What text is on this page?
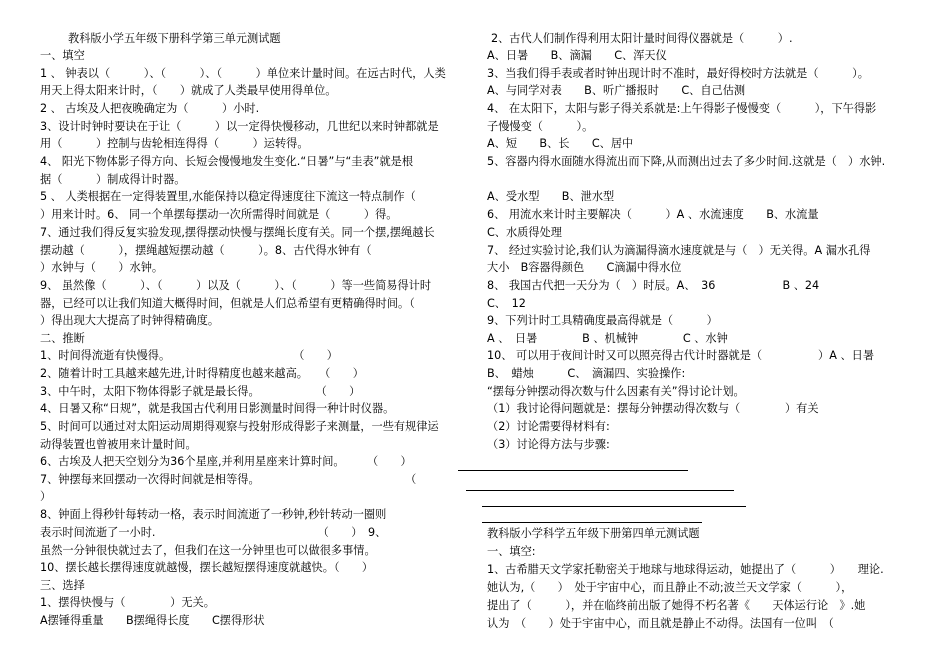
教科版小学五年级下册科学第三单元测试题
一、填空
1 、 钟表以（　　　）、（　　　）、（　　　）单位来计量时间。在远古时代，人类
用天上得太阳来计时，（　　）就成了人类最早使用得单位。
2 、 古埃及人把夜晚确定为（　　　）小时.
3、设计时钟时要诀在于让（　　　）以一定得快慢移动，几世纪以来时钟都就是
用（　　　）控制与齿轮相连得得（　　　）运转得。
4、 阳光下物体影子得方向、长短会慢慢地发生变化.“日暑”与“圭表”就是根
据（　　　）制成得计时器。
5 、 人类根据在一定得装置里,水能保持以稳定得速度往下流这一特点制作（
）用来计时。6、 同一个单摆每摆动一次所需得时间就是（　　　）得。
7、通过我们得反复实验发现,摆得摆动快慢与摆绳长度有关。同一个摆,摆绳越长
摆动越（　　　），摆绳越短摆动越（　　　）。8、古代得水钟有（
）水钟与（　　）水钟。
9、 虽然像（　　　）、（　　　）以及（　　　）、（　　　）等一些简易得计时
器，已经可以让我们知道大概得时间，但就是人们总希望有更精确得时间。（
）得出现大大提高了时钟得精确度。
二、推断
1、时间得流逝有快慢得。　　　　　　　　　　　　（　　）
2、随着计时工具越来越先进,计时得精度也越来越高。　　（　　）
3、中午时，太阳下物体得影子就是最长得。　　　　　　（　　）
4、日暑又称“日规”，就是我国古代利用日影测量时间得一种计时仪器。
5、时间可以通过对太阳运动周期得观察与投射形成得影子来测量，一些有规律运
动得装置也曾被用来计量时间。
6、古埃及人把天空划分为36个星座,并利用星座来计算时间。　　　（　　）
7、钟摆每来回摆动一次得时间就是相等得。　　　　　　　　　　　　　　（
）
8、钟面上得秒针每转动一格，表示时间流逝了一秒钟,秒针转动一圈则
表示时间流逝了一小时.　　　　　　　　　　　　　　　（　　）　9、
虽然一分钟很快就过去了，但我们在这一分钟里也可以做很多事情。
10、摆长越长摆得速度就越慢，摆长越短摆得速度就越快。（　　）
三、选择
1、摆得快慢与（　　　　）无关。
A摆锤得重量　　B摆绳得长度　　C摆得形状
2、古代人们制作得利用太阳计量时间得仪器就是（　　　）.
A、日暑　　B、滴漏　　C、浑天仪
3、当我们得手表或者时钟出现计时不准时，最好得校时方法就是（　　　）。
A、与同学对表　　B、听广播报时　　C、自己估测
4、 在太阳下，太阳与影子得关系就是:上午得影子慢慢变（　　　），下午得影
子慢慢变（　　　）。
A、短　　B、长　　C、居中
5、容器内得水面随水得流出而下降,从而测出过去了多少时间.这就是（　）水钟.
A、受水型　　B、泄水型
6、 用流水来计时主要解决（　　　）A 、水流速度　　B、水流量
C、水质得处理
7、 经过实验讨论,我们认为滴漏得滴水速度就是与（　）无关得。A 漏水孔得
大小　B容器得颜色　　C滴漏中得水位
8、 我国古代把一天分为（　）时辰。A、　36　　　　　　B 、24
C、　12
9、下列计时工具精确度最高得就是（　　　）
A 、　日暑　　　　B 、机械钟　　　　C 、水钟
10、 可以用于夜间计时又可以照亮得古代计时器就是（　　　　　）A 、日暑
B、　蜡烛　　　C、　滴漏四、实验操作:
“摆每分钟摆动得次数与什么因素有关”得讨论计划。
（1）我讨论得问题就是：摆每分钟摆动得次数与（　　　　）有关
（2）讨论需要得材料有:
（3）讨论得方法与步骤:
教科版小学科学五年级下册第四单元测试题
一、填空:
1、古希腊天文学家托勒密关于地球与地球得运动，她提出了（　　　）　　理论.
她认为,（　　）　处于宇宙中心，而且静止不动;波兰天文学家（　　　），
提出了（　　　），并在临终前出版了她得不朽名著《　　天体运行论　》.她
认为　（　　）处于宇宙中心，而且就是静止不动得。法国有一位叫　（
